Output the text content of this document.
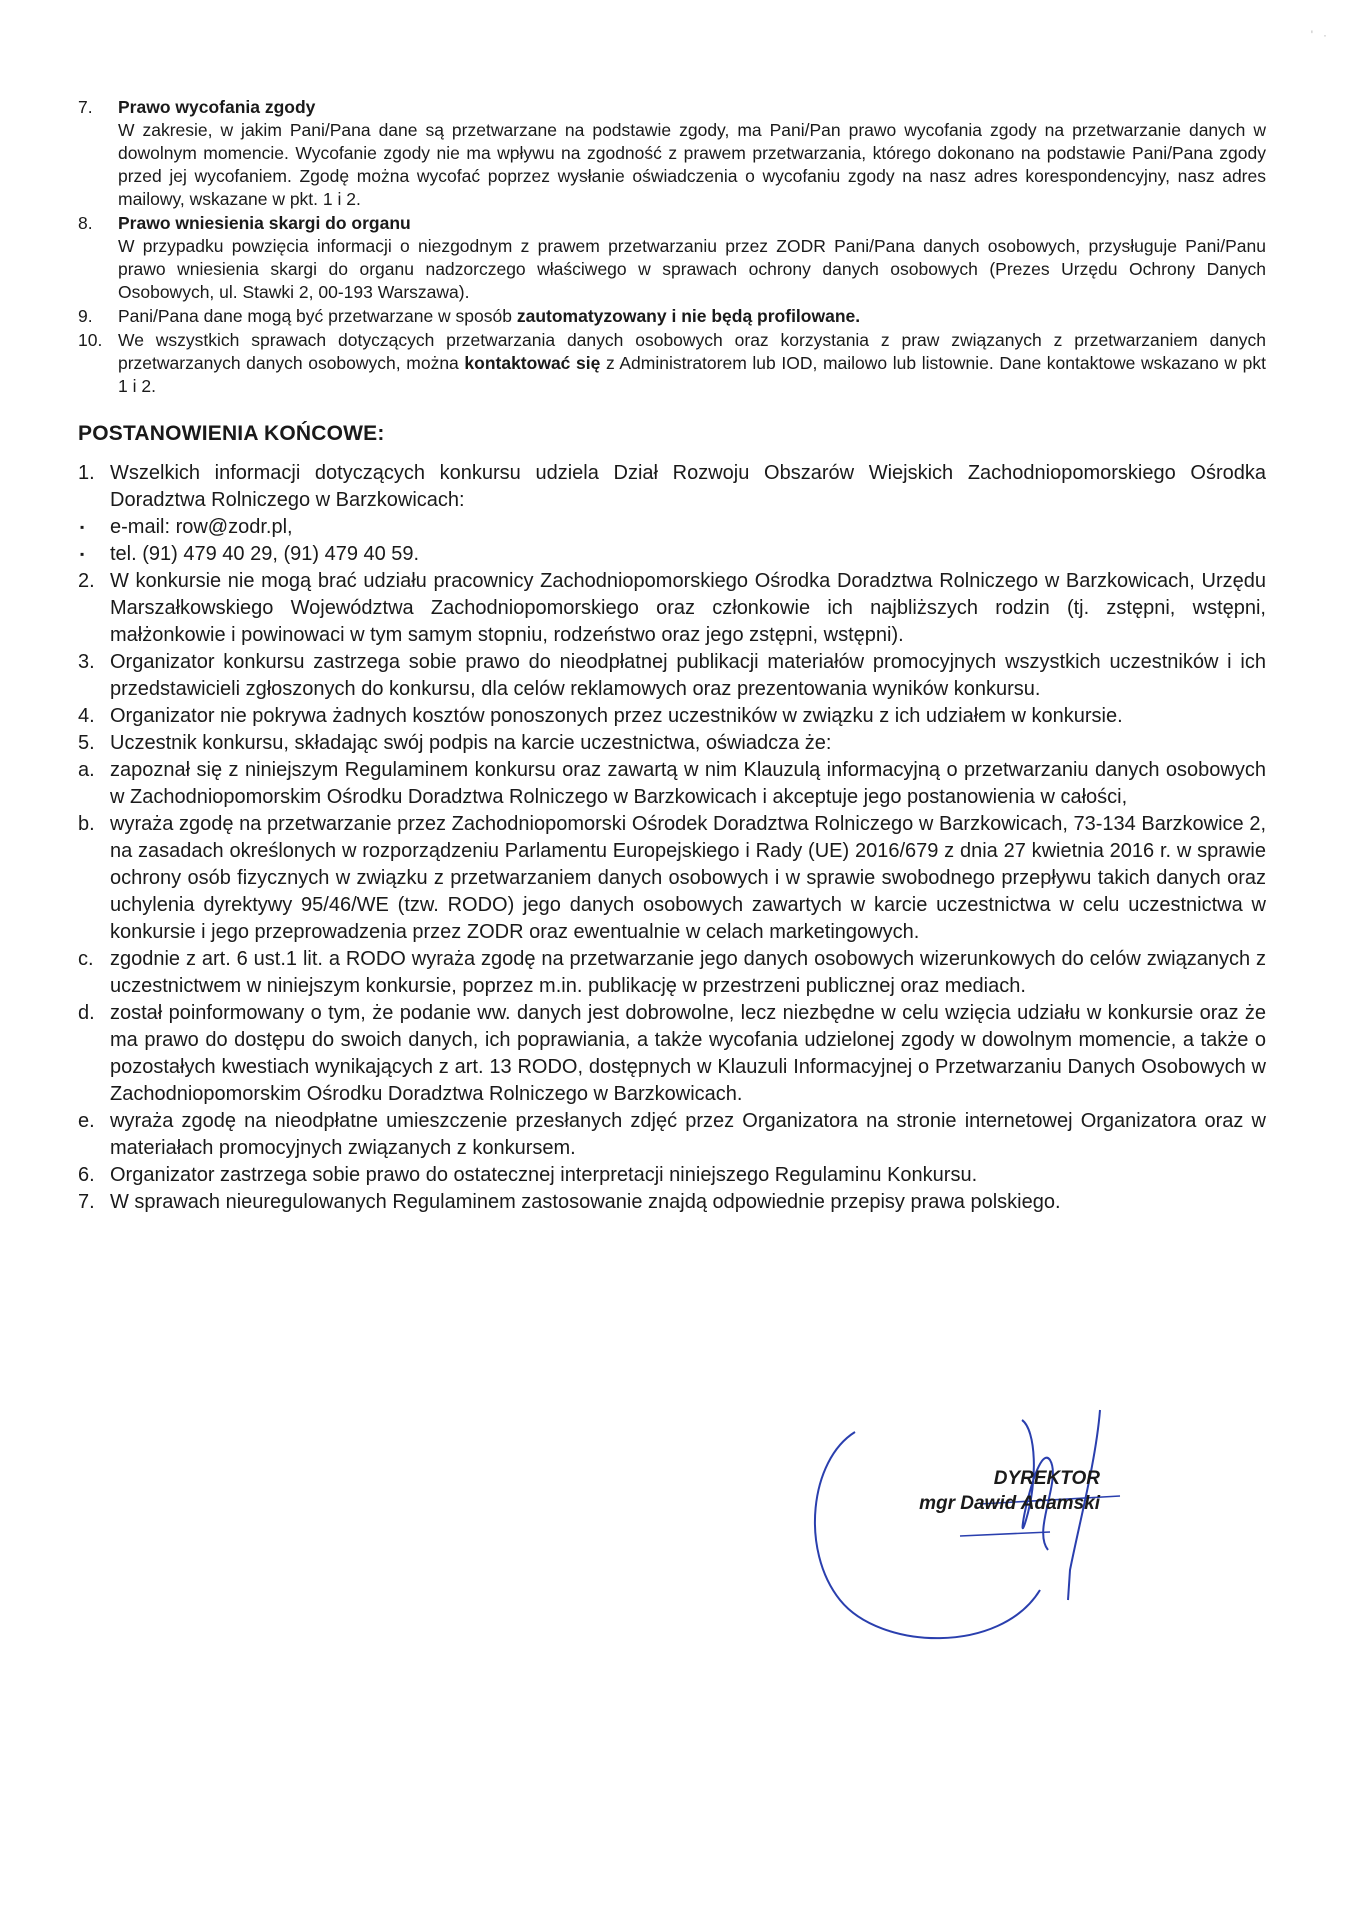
'   ·
7. Prawo wycofania zgody
W zakresie, w jakim Pani/Pana dane są przetwarzane na podstawie zgody, ma Pani/Pan prawo wycofania zgody na przetwarzanie danych w dowolnym momencie. Wycofanie zgody nie ma wpływu na zgodność z prawem przetwarzania, którego dokonano na podstawie Pani/Pana zgody przed jej wycofaniem. Zgodę można wycofać poprzez wysłanie oświadczenia o wycofaniu zgody na nasz adres korespondencyjny, nasz adres mailowy, wskazane w pkt. 1 i 2.
8. Prawo wniesienia skargi do organu
W przypadku powzięcia informacji o niezgodnym z prawem przetwarzaniu przez ZODR Pani/Pana danych osobowych, przysługuje Pani/Panu prawo wniesienia skargi do organu nadzorczego właściwego w sprawach ochrony danych osobowych (Prezes Urzędu Ochrony Danych Osobowych, ul. Stawki 2, 00-193 Warszawa).
9. Pani/Pana dane mogą być przetwarzane w sposób zautomatyzowany i nie będą profilowane.
10. We wszystkich sprawach dotyczących przetwarzania danych osobowych oraz korzystania z praw związanych z przetwarzaniem danych przetwarzanych danych osobowych, można kontaktować się z Administratorem lub IOD, mailowo lub listownie. Dane kontaktowe wskazano w pkt 1 i 2.
POSTANOWIENIA KOŃCOWE:
1. Wszelkich informacji dotyczących konkursu udziela Dział Rozwoju Obszarów Wiejskich Zachodniopomorskiego Ośrodka Doradztwa Rolniczego w Barzkowicach:
▪ e-mail: row@zodr.pl,
▪ tel. (91) 479 40 29, (91) 479 40 59.
2. W konkursie nie mogą brać udziału pracownicy Zachodniopomorskiego Ośrodka Doradztwa Rolniczego w Barzkowicach, Urzędu Marszałkowskiego Województwa Zachodniopomorskiego oraz członkowie ich najbliższych rodzin (tj. zstępni, wstępni, małżonkowie i powinowaci w tym samym stopniu, rodzeństwo oraz jego zstępni, wstępni).
3. Organizator konkursu zastrzega sobie prawo do nieodpłatnej publikacji materiałów promocyjnych wszystkich uczestników i ich przedstawicieli zgłoszonych do konkursu, dla celów reklamowych oraz prezentowania wyników konkursu.
4. Organizator nie pokrywa żadnych kosztów ponoszonych przez uczestników w związku z ich udziałem w konkursie.
5. Uczestnik konkursu, składając swój podpis na karcie uczestnictwa, oświadcza że:
a. zapoznał się z niniejszym Regulaminem konkursu oraz zawartą w nim Klauzulą informacyjną o przetwarzaniu danych osobowych w Zachodniopomorskim Ośrodku Doradztwa Rolniczego w Barzkowicach i akceptuje jego postanowienia w całości,
b. wyraża zgodę na przetwarzanie przez Zachodniopomorski Ośrodek Doradztwa Rolniczego w Barzkowicach, 73-134 Barzkowice 2, na zasadach określonych w rozporządzeniu Parlamentu Europejskiego i Rady (UE) 2016/679 z dnia 27 kwietnia 2016 r. w sprawie ochrony osób fizycznych w związku z przetwarzaniem danych osobowych i w sprawie swobodnego przepływu takich danych oraz uchylenia dyrektywy 95/46/WE (tzw. RODO) jego danych osobowych zawartych w karcie uczestnictwa w celu uczestnictwa w konkursie i jego przeprowadzenia przez ZODR oraz ewentualnie w celach marketingowych.
c. zgodnie z art. 6 ust.1 lit. a RODO wyraża zgodę na przetwarzanie jego danych osobowych wizerunkowych do celów związanych z uczestnictwem w niniejszym konkursie, poprzez m.in. publikację w przestrzeni publicznej oraz mediach.
d. został poinformowany o tym, że podanie ww. danych jest dobrowolne, lecz niezbędne w celu wzięcia udziału w konkursie oraz że ma prawo do dostępu do swoich danych, ich poprawiania, a także wycofania udzielonej zgody w dowolnym momencie, a także o pozostałych kwestiach wynikających z art. 13 RODO, dostępnych w Klauzuli Informacyjnej o Przetwarzaniu Danych Osobowych w Zachodniopomorskim Ośrodku Doradztwa Rolniczego w Barzkowicach.
e. wyraża zgodę na nieodpłatne umieszczenie przesłanych zdjęć przez Organizatora na stronie internetowej Organizatora oraz w materiałach promocyjnych związanych z konkursem.
6. Organizator zastrzega sobie prawo do ostatecznej interpretacji niniejszego Regulaminu Konkursu.
7. W sprawach nieuregulowanych Regulaminem zastosowanie znajdą odpowiednie przepisy prawa polskiego.
DYREKTOR
mgr Dawid Adamski
